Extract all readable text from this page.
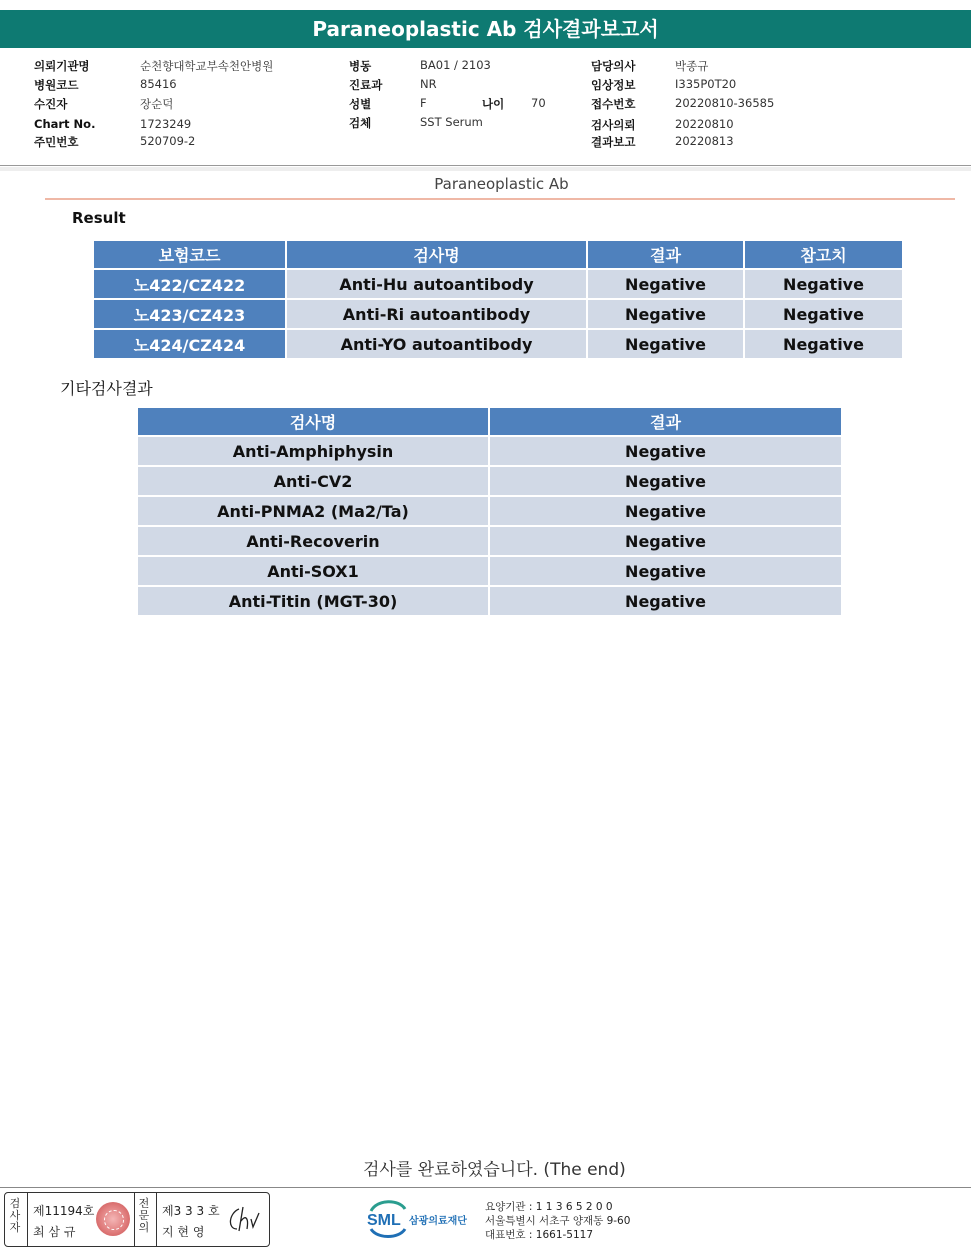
Paraneoplastic Ab 검사결과보고서
의뢰기관명	순천향대학교부속천안병원
병원코드	85416
수진자	장순덕
Chart No.	1723249
주민번호	520709-2
병동	BA01 / 2103
진료과	NR
성별	F	나이 70
검체	SST Serum
담당의사	박종규
임상정보	I335P0T20
접수번호	20220810-36585
검사의뢰	20220810
결과보고	20220813
Paraneoplastic Ab
Result
보험코드	검사명	결과	참고치
노422/CZ422	Anti-Hu autoantibody	Negative	Negative
노423/CZ423	Anti-Ri autoantibody	Negative	Negative
노424/CZ424	Anti-YO autoantibody	Negative	Negative
기타검사결과
검사명	결과
Anti-Amphiphysin	Negative
Anti-CV2	Negative
Anti-PNMA2 (Ma2/Ta)	Negative
Anti-Recoverin	Negative
Anti-SOX1	Negative
Anti-Titin (MGT-30)	Negative
검사를 완료하였습니다. (The end)
검
사
자
제11194호
최 삼 규
전
문
의
제3 3 3 호
지 현 영
SML 삼광의료재단
요양기관 : 1 1 3 6 5 2 0 0
서울특별시 서초구 양재동 9-60
대표번호 : 1661-5117
